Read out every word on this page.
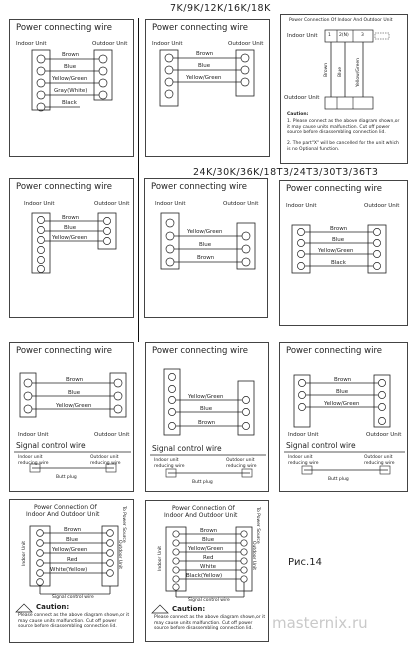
7K/9K/12K/16K/18K
24K/30K/36K/18T3/24T3/30T3/36T3
Power connecting wire
Indoor Unit	Outdoor Unit
Brown
Blue
Yellow/Green
Gray(White)
Black
Power connecting wire
Indoor Unit	Outdoor Unit
Brown
Blue
Yellow/Green
Power Connection Of Indoor And Outdoor Unit
Indoor Unit
Outdoor Unit
1 2(N)	3
Brown Blue	Yellow/Green
Caution:
1. Please connect as the above diagram shown,or it may cause units malfunction. Cut off power source before disassembling connection lid.
2. The part"X" will be cancelled for the unit which is no Optional function.
Power connecting wire
Indoor Unit	Outdoor Unit
Brown
Blue
Yellow/Green
Power connecting wire
Indoor Unit	Outdoor Unit
Yellow/Green
Blue
Brown
Power connecting wire
Indoor Unit	Outdoor Unit
Brown
Blue
Yellow/Green
Black
Power connecting wire
Brown
Blue
Yellow/Green
Indoor Unit	Outdoor Unit
Signal control wire
Indoor unit reducing wire
Outdoor unit reducing wire
Butt plug
Power connecting wire
Yellow/Green
Blue
Brown
Signal control wire
Indoor unit reducing wire
Outdoor unit reducing wire
Butt plug
Power connecting wire
Brown
Blue
Yellow/Green
Indoor Unit	Outdoor Unit
Signal control wire
Indoor unit reducing wire
Outdoor unit reducing wire
Butt plug
Power Connection Of
Indoor And Outdoor Unit	To Power Source
Indoor Unit	Outdoor Unit
Brown
Blue
Yellow/Green
Red
White(Yellow)
Signal control wire
Caution:
Please connect as the above diagram shown,or it may cause units malfunction. Cut off power source before disassembling connection lid.
Power Connection Of
Indoor And Outdoor Unit	To Power Source
Indoor Unit	Outdoor Unit
Brown
Blue
Yellow/Green
Red
White
Black(Yellow)
Signal control wire
Caution:
Please connect as the above diagram shown,or it may cause units malfunction. Cut off power source before disassembling connection lid.
Рис.14
masternix.ru
